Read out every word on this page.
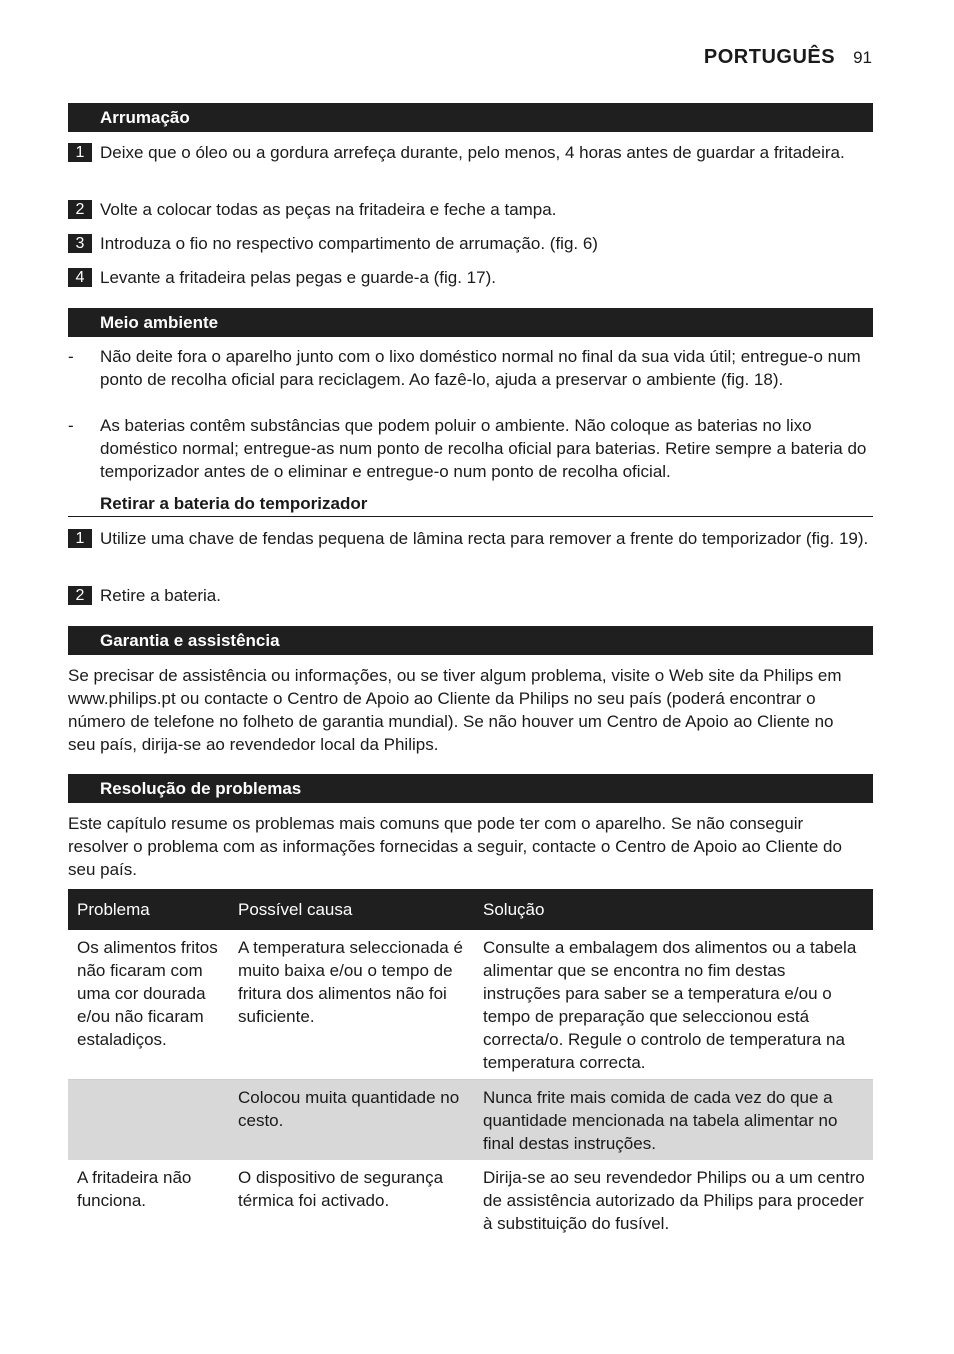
PORTUGUÊS 91
Arrumação
1 Deixe que o óleo ou a gordura arrefeça durante, pelo menos, 4 horas antes de guardar a fritadeira.
2 Volte a colocar todas as peças na fritadeira e feche a tampa.
3 Introduza o fio no respectivo compartimento de arrumação. (fig. 6)
4 Levante a fritadeira pelas pegas e guarde-a (fig. 17).
Meio ambiente
- Não deite fora o aparelho junto com o lixo doméstico normal no final da sua vida útil; entregue-o num ponto de recolha oficial para reciclagem. Ao fazê-lo, ajuda a preservar o ambiente (fig. 18).
- As baterias contêm substâncias que podem poluir o ambiente. Não coloque as baterias no lixo doméstico normal; entregue-as num ponto de recolha oficial para baterias. Retire sempre a bateria do temporizador antes de o eliminar e entregue-o num ponto de recolha oficial.
Retirar a bateria do temporizador
1 Utilize uma chave de fendas pequena de lâmina recta para remover a frente do temporizador (fig. 19).
2 Retire a bateria.
Garantia e assistência
Se precisar de assistência ou informações, ou se tiver algum problema, visite o Web site da Philips em www.philips.pt ou contacte o Centro de Apoio ao Cliente da Philips no seu país (poderá encontrar o número de telefone no folheto de garantia mundial). Se não houver um Centro de Apoio ao Cliente no seu país, dirija-se ao revendedor local da Philips.
Resolução de problemas
Este capítulo resume os problemas mais comuns que pode ter com o aparelho. Se não conseguir resolver o problema com as informações fornecidas a seguir, contacte o Centro de Apoio ao Cliente do seu país.
Problema	Possível causa	Solução
Os alimentos fritos não ficaram com uma cor dourada e/ou não ficaram estaladiços.	A temperatura seleccionada é muito baixa e/ou o tempo de fritura dos alimentos não foi suficiente.	Consulte a embalagem dos alimentos ou a tabela alimentar que se encontra no fim destas instruções para saber se a temperatura e/ou o tempo de preparação que seleccionou está correcta/o. Regule o controlo de temperatura na temperatura correcta.
	Colocou muita quantidade no cesto.	Nunca frite mais comida de cada vez do que a quantidade mencionada na tabela alimentar no final destas instruções.
A fritadeira não funciona.	O dispositivo de segurança térmica foi activado.	Dirija-se ao seu revendedor Philips ou a um centro de assistência autorizado da Philips para proceder à substituição do fusível.
